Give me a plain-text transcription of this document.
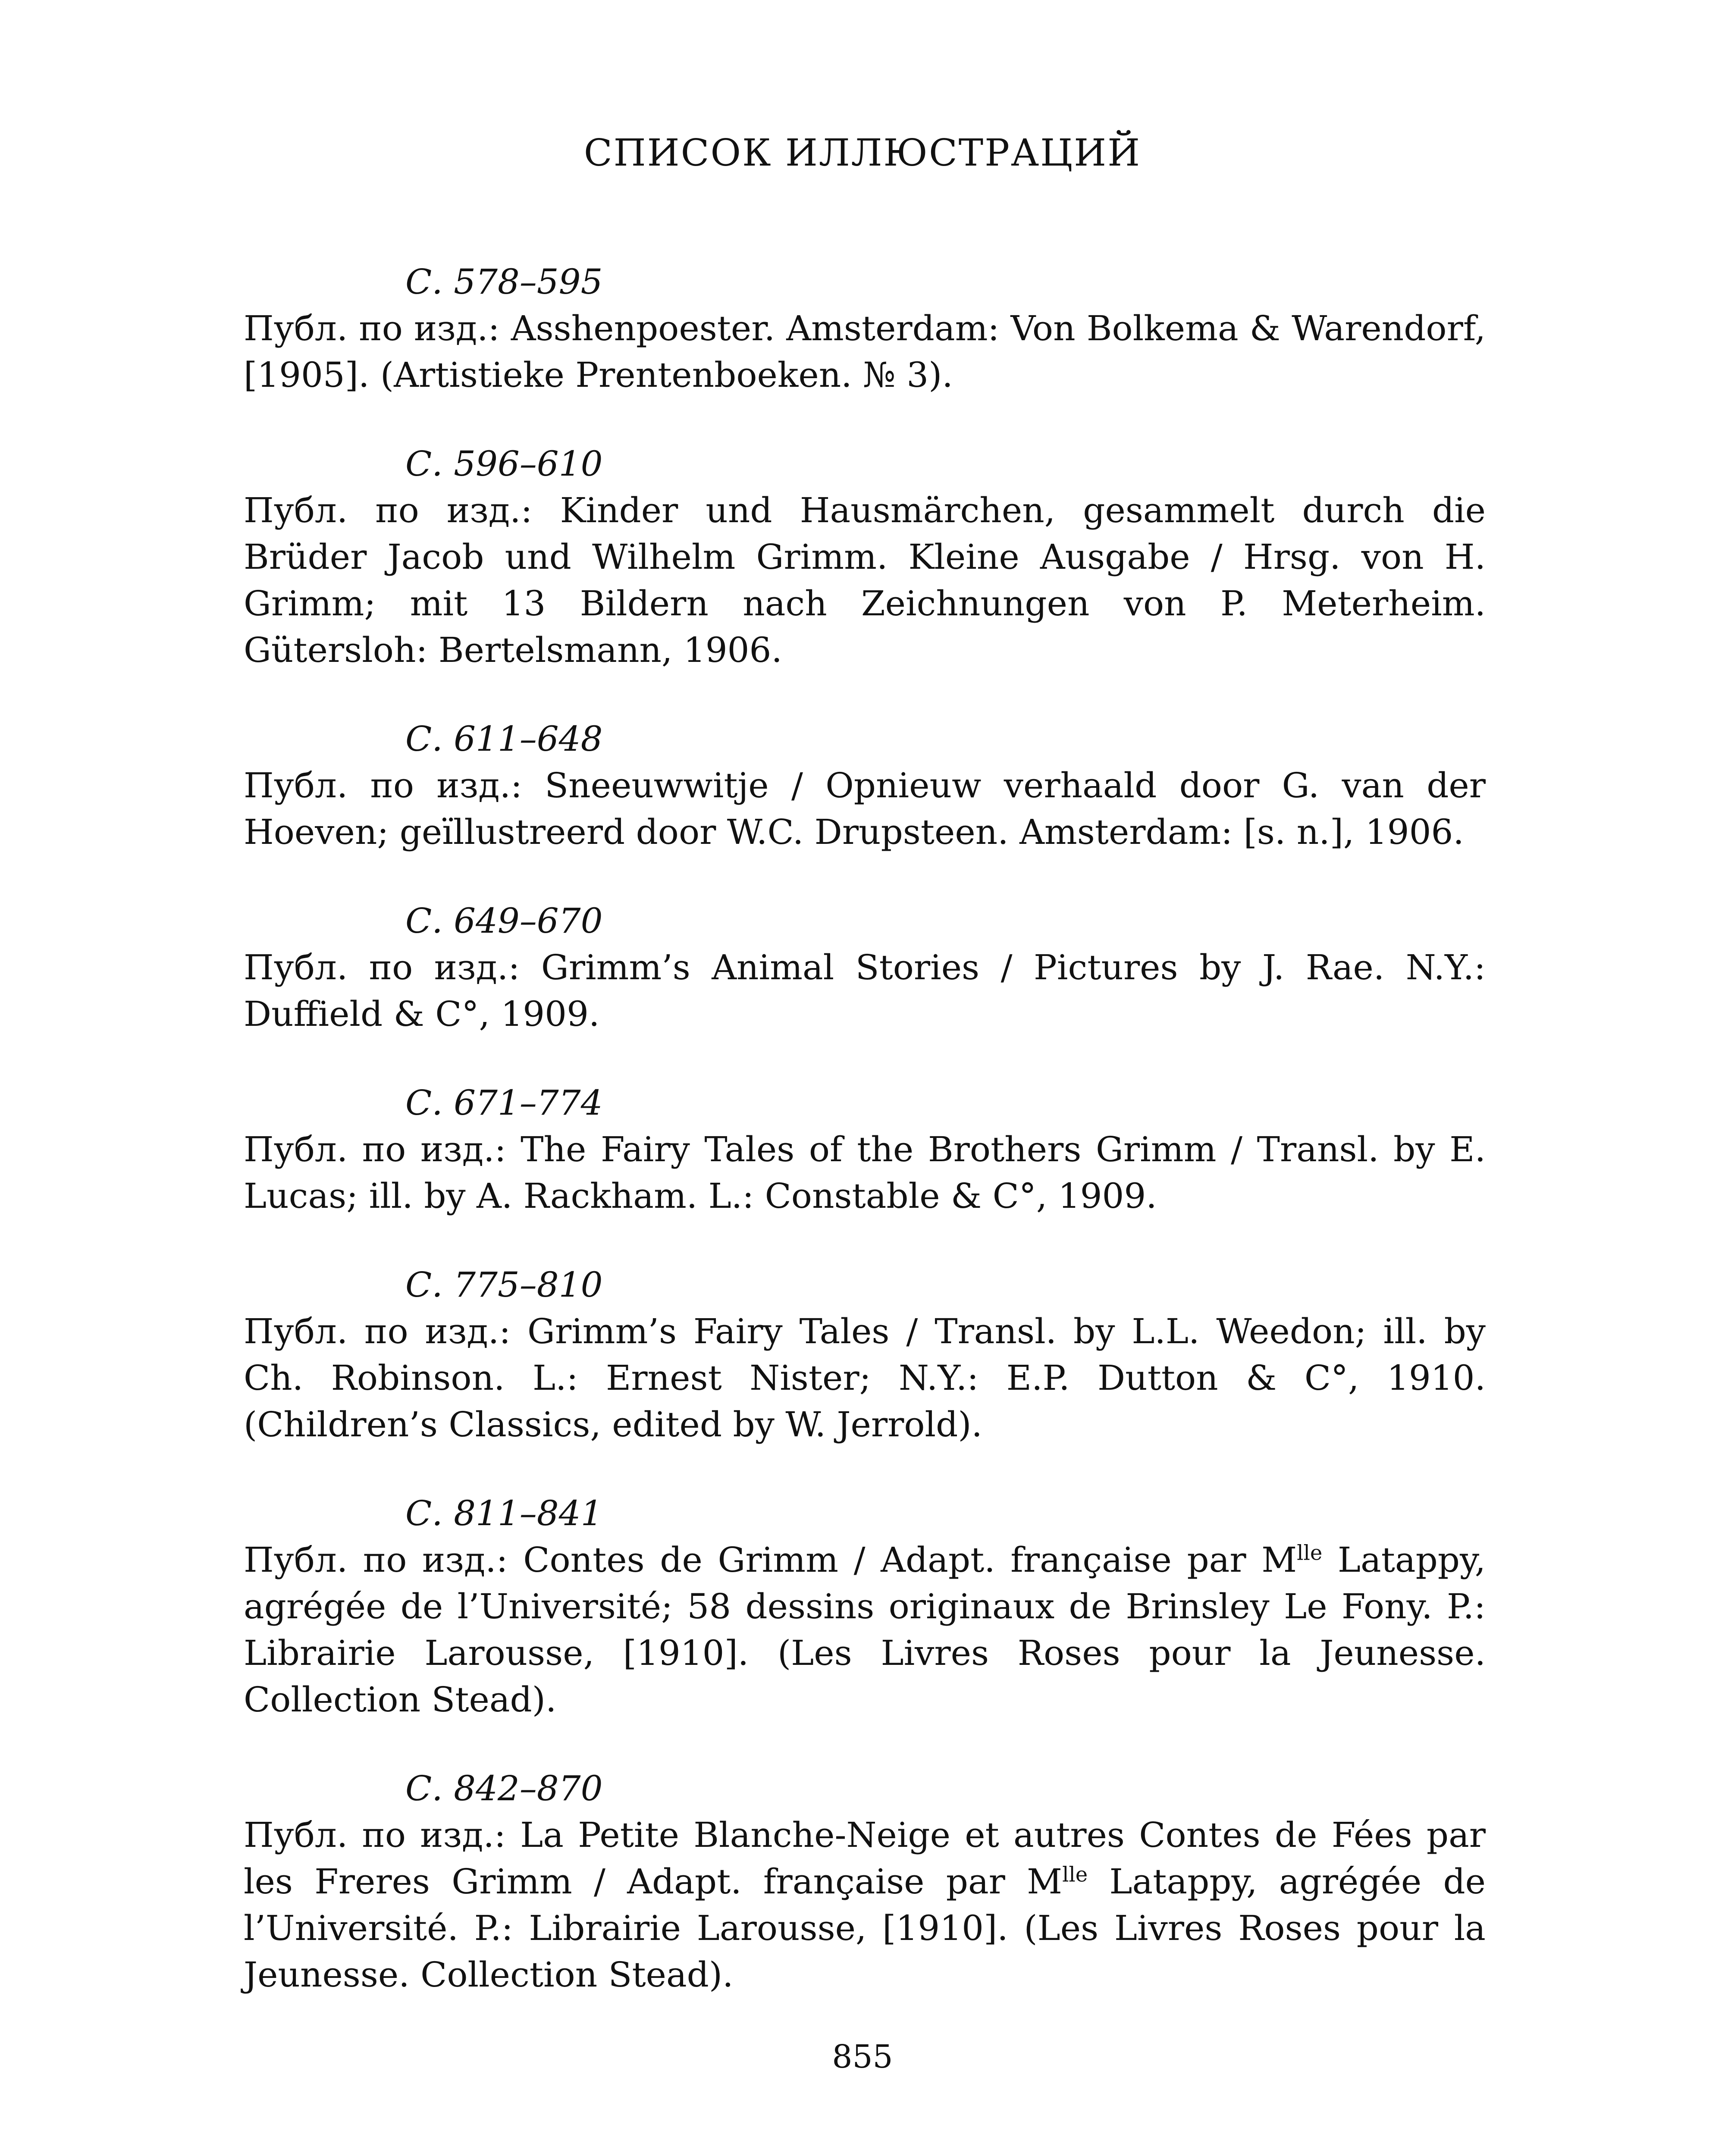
СПИСОК ИЛЛЮСТРАЦИЙ

С. 578–595

Публ. по изд.: Asshenpoester. Amsterdam: Von Bolkema & Warendorf, [1905]. (Artistieke Prentenboeken. № 3).

С. 596–610

Публ. по изд.: Kinder und Hausmärchen, gesammelt durch die Brüder Jacob und Wilhelm Grimm. Kleine Ausgabe / Hrsg. von H. Grimm; mit 13 Bildern nach Zeichnungen von P. Meterheim. Gütersloh: Bertelsmann, 1906.

С. 611–648

Публ. по изд.: Sneeuwwitje / Opnieuw verhaald door G. van der Hoeven; geïllustreerd door W.C. Drupsteen. Amsterdam: [s. n.], 1906.

С. 649–670

Публ. по изд.: Grimm’s Animal Stories / Pictures by J. Rae. N.Y.: Duffield & C°, 1909.

С. 671–774

Публ. по изд.: The Fairy Tales of the Brothers Grimm / Transl. by E. Lucas; ill. by A. Rackham. L.: Constable & C°, 1909.

С. 775–810

Публ. по изд.: Grimm’s Fairy Tales / Transl. by L.L. Weedon; ill. by Ch. Robinson. L.: Ernest Nister; N.Y.: E.P. Dutton & C°, 1910. (Children’s Classics, edited by W. Jerrold).

С. 811–841

Публ. по изд.: Contes de Grimm / Adapt. française par $M^{lle}$ Latappy, agrégée de l’Université; 58 dessins originaux de Brinsley Le Fony. P.: Librairie Larousse, [1910]. (Les Livres Roses pour la Jeunesse. Collection Stead).

С. 842–870

Публ. по изд.: La Petite Blanche-Neige et autres Contes de Fées par les Freres Grimm / Adapt. française par $M^{lle}$ Latappy, agrégée de l’Université. P.: Librairie Larousse, [1910]. (Les Livres Roses pour la Jeunesse. Collection Stead).

855
